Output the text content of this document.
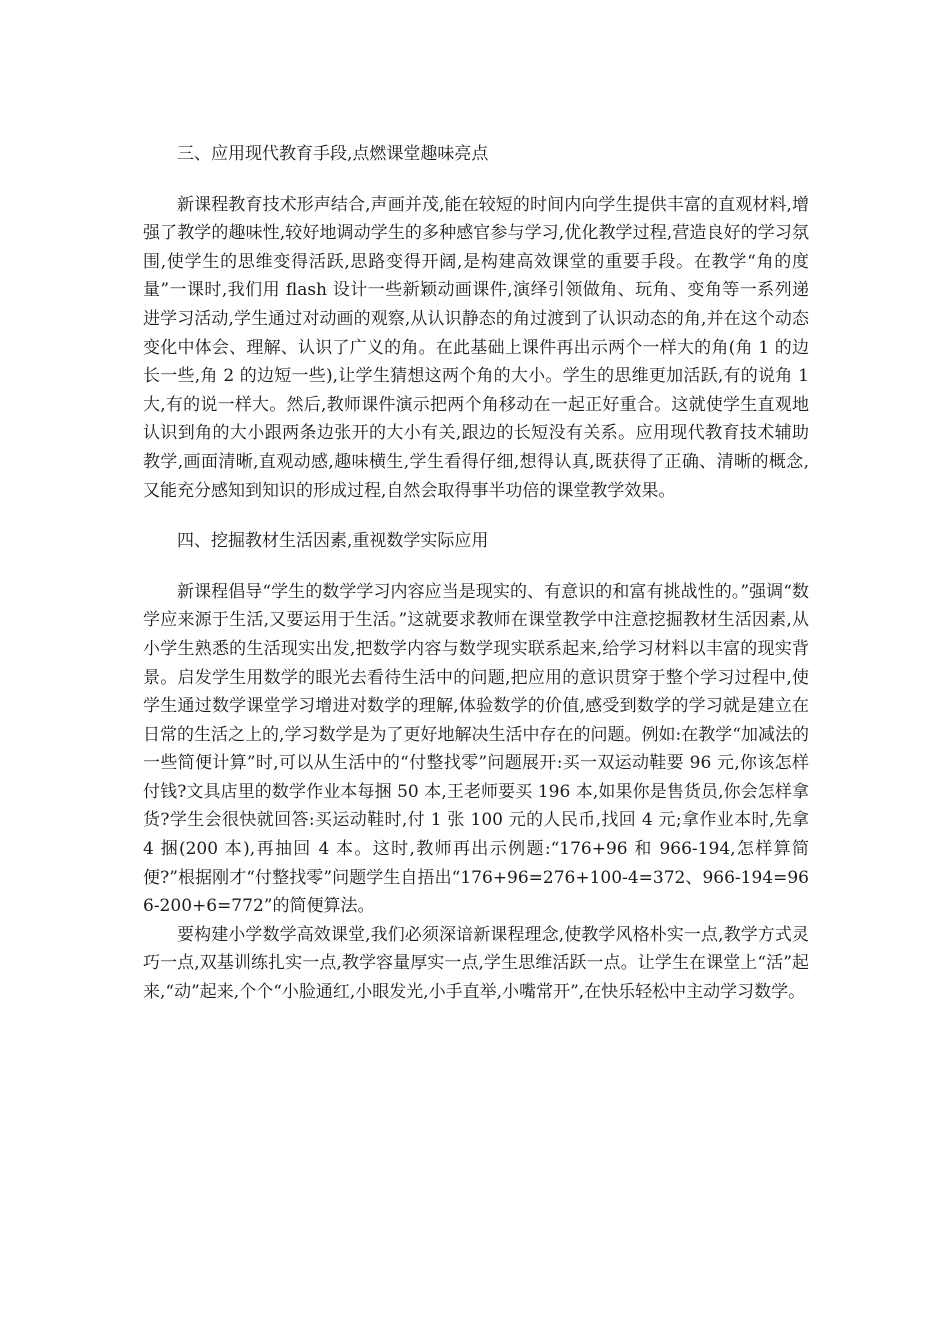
三、应用现代教育手段,点燃课堂趣味亮点

新课程教育技术形声结合,声画并茂,能在较短的时间内向学生提供丰富的直观材料,增强了教学的趣味性,较好地调动学生的多种感官参与学习,优化教学过程,营造良好的学习氛围,使学生的思维变得活跃,思路变得开阔,是构建高效课堂的重要手段。在教学“角的度量”一课时,我们用 flash 设计一些新颖动画课件,演绎引领做角、玩角、变角等一系列递进学习活动,学生通过对动画的观察,从认识静态的角过渡到了认识动态的角,并在这个动态变化中体会、理解、认识了广义的角。在此基础上课件再出示两个一样大的角(角 1 的边长一些,角 2 的边短一些),让学生猜想这两个角的大小。学生的思维更加活跃,有的说角 1 大,有的说一样大。然后,教师课件演示把两个角移动在一起正好重合。这就使学生直观地认识到角的大小跟两条边张开的大小有关,跟边的长短没有关系。应用现代教育技术辅助教学,画面清晰,直观动感,趣味横生,学生看得仔细,想得认真,既获得了正确、清晰的概念,又能充分感知到知识的形成过程,自然会取得事半功倍的课堂教学效果。

四、挖掘教材生活因素,重视数学实际应用

新课程倡导“学生的数学学习内容应当是现实的、有意识的和富有挑战性的。”强调“数学应来源于生活,又要运用于生活。”这就要求教师在课堂教学中注意挖掘教材生活因素,从小学生熟悉的生活现实出发,把数学内容与数学现实联系起来,给学习材料以丰富的现实背景。启发学生用数学的眼光去看待生活中的问题,把应用的意识贯穿于整个学习过程中,使学生通过数学课堂学习增进对数学的理解,体验数学的价值,感受到数学的学习就是建立在日常的生活之上的,学习数学是为了更好地解决生活中存在的问题。例如:在教学“加减法的一些简便计算”时,可以从生活中的“付整找零”问题展开:买一双运动鞋要 96 元,你该怎样付钱?文具店里的数学作业本每捆 50 本,王老师要买 196 本,如果你是售货员,你会怎样拿货?学生会很快就回答:买运动鞋时,付 1 张 100 元的人民币,找回 4 元;拿作业本时,先拿 4 捆(200 本),再抽回 4 本。这时,教师再出示例题:“176+96 和 966-194,怎样算简便?”根据刚才“付整找零”问题学生自捂出“176+96=276+100-4=372、966-194=966-200+6=772”的简便算法。

要构建小学数学高效课堂,我们必须深谙新课程理念,使教学风格朴实一点,教学方式灵巧一点,双基训练扎实一点,教学容量厚实一点,学生思维活跃一点。让学生在课堂上“活”起来,“动”起来,个个“小脸通红,小眼发光,小手直举,小嘴常开”,在快乐轻松中主动学习数学。
